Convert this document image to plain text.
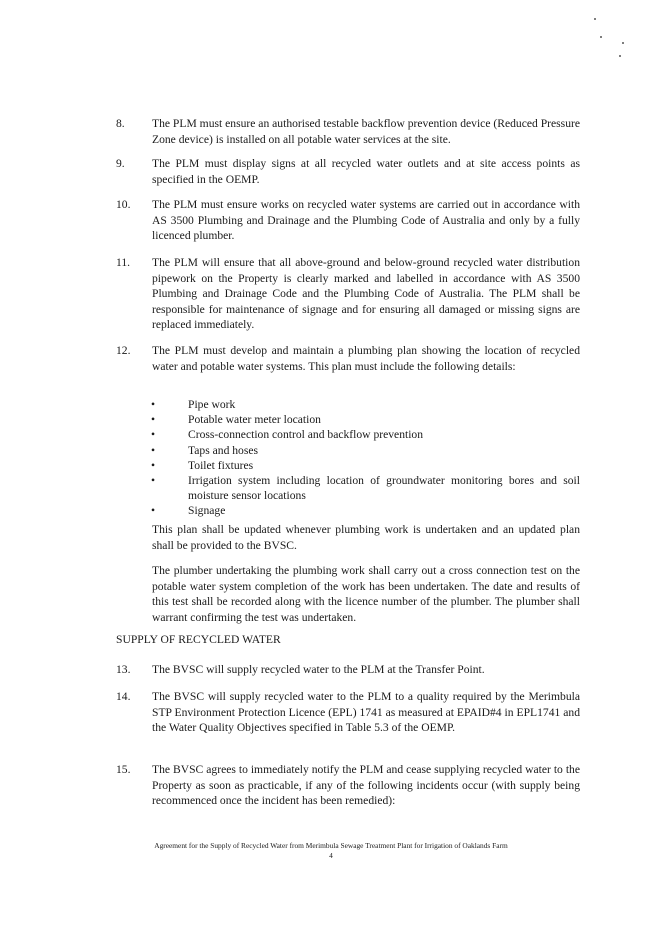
8.	The PLM must ensure an authorised testable backflow prevention device (Reduced Pressure Zone device) is installed on all potable water services at the site.
9.	The PLM must display signs at all recycled water outlets and at site access points as specified in the OEMP.
10.	The PLM must ensure works on recycled water systems are carried out in accordance with AS 3500 Plumbing and Drainage and the Plumbing Code of Australia and only by a fully licenced plumber.
11.	The PLM will ensure that all above-ground and below-ground recycled water distribution pipework on the Property is clearly marked and labelled in accordance with AS 3500 Plumbing and Drainage Code and the Plumbing Code of Australia. The PLM shall be responsible for maintenance of signage and for ensuring all damaged or missing signs are replaced immediately.
12.	The PLM must develop and maintain a plumbing plan showing the location of recycled water and potable water systems. This plan must include the following details:
•	Pipe work
•	Potable water meter location
•	Cross-connection control and backflow prevention
•	Taps and hoses
•	Toilet fixtures
•	Irrigation system including location of groundwater monitoring bores and soil moisture sensor locations
•	Signage
This plan shall be updated whenever plumbing work is undertaken and an updated plan shall be provided to the BVSC.
The plumber undertaking the plumbing work shall carry out a cross connection test on the potable water system completion of the work has been undertaken. The date and results of this test shall be recorded along with the licence number of the plumber. The plumber shall warrant confirming the test was undertaken.
SUPPLY OF RECYCLED WATER
13.	The BVSC will supply recycled water to the PLM at the Transfer Point.
14.	The BVSC will supply recycled water to the PLM to a quality required by the Merimbula STP Environment Protection Licence (EPL) 1741 as measured at EPAID#4 in EPL1741 and the Water Quality Objectives specified in Table 5.3 of the OEMP.
15.	The BVSC agrees to immediately notify the PLM and cease supplying recycled water to the Property as soon as practicable, if any of the following incidents occur (with supply being recommenced once the incident has been remedied):
Agreement for the Supply of Recycled Water from Merimbula Sewage Treatment Plant for Irrigation of Oaklands Farm
4
